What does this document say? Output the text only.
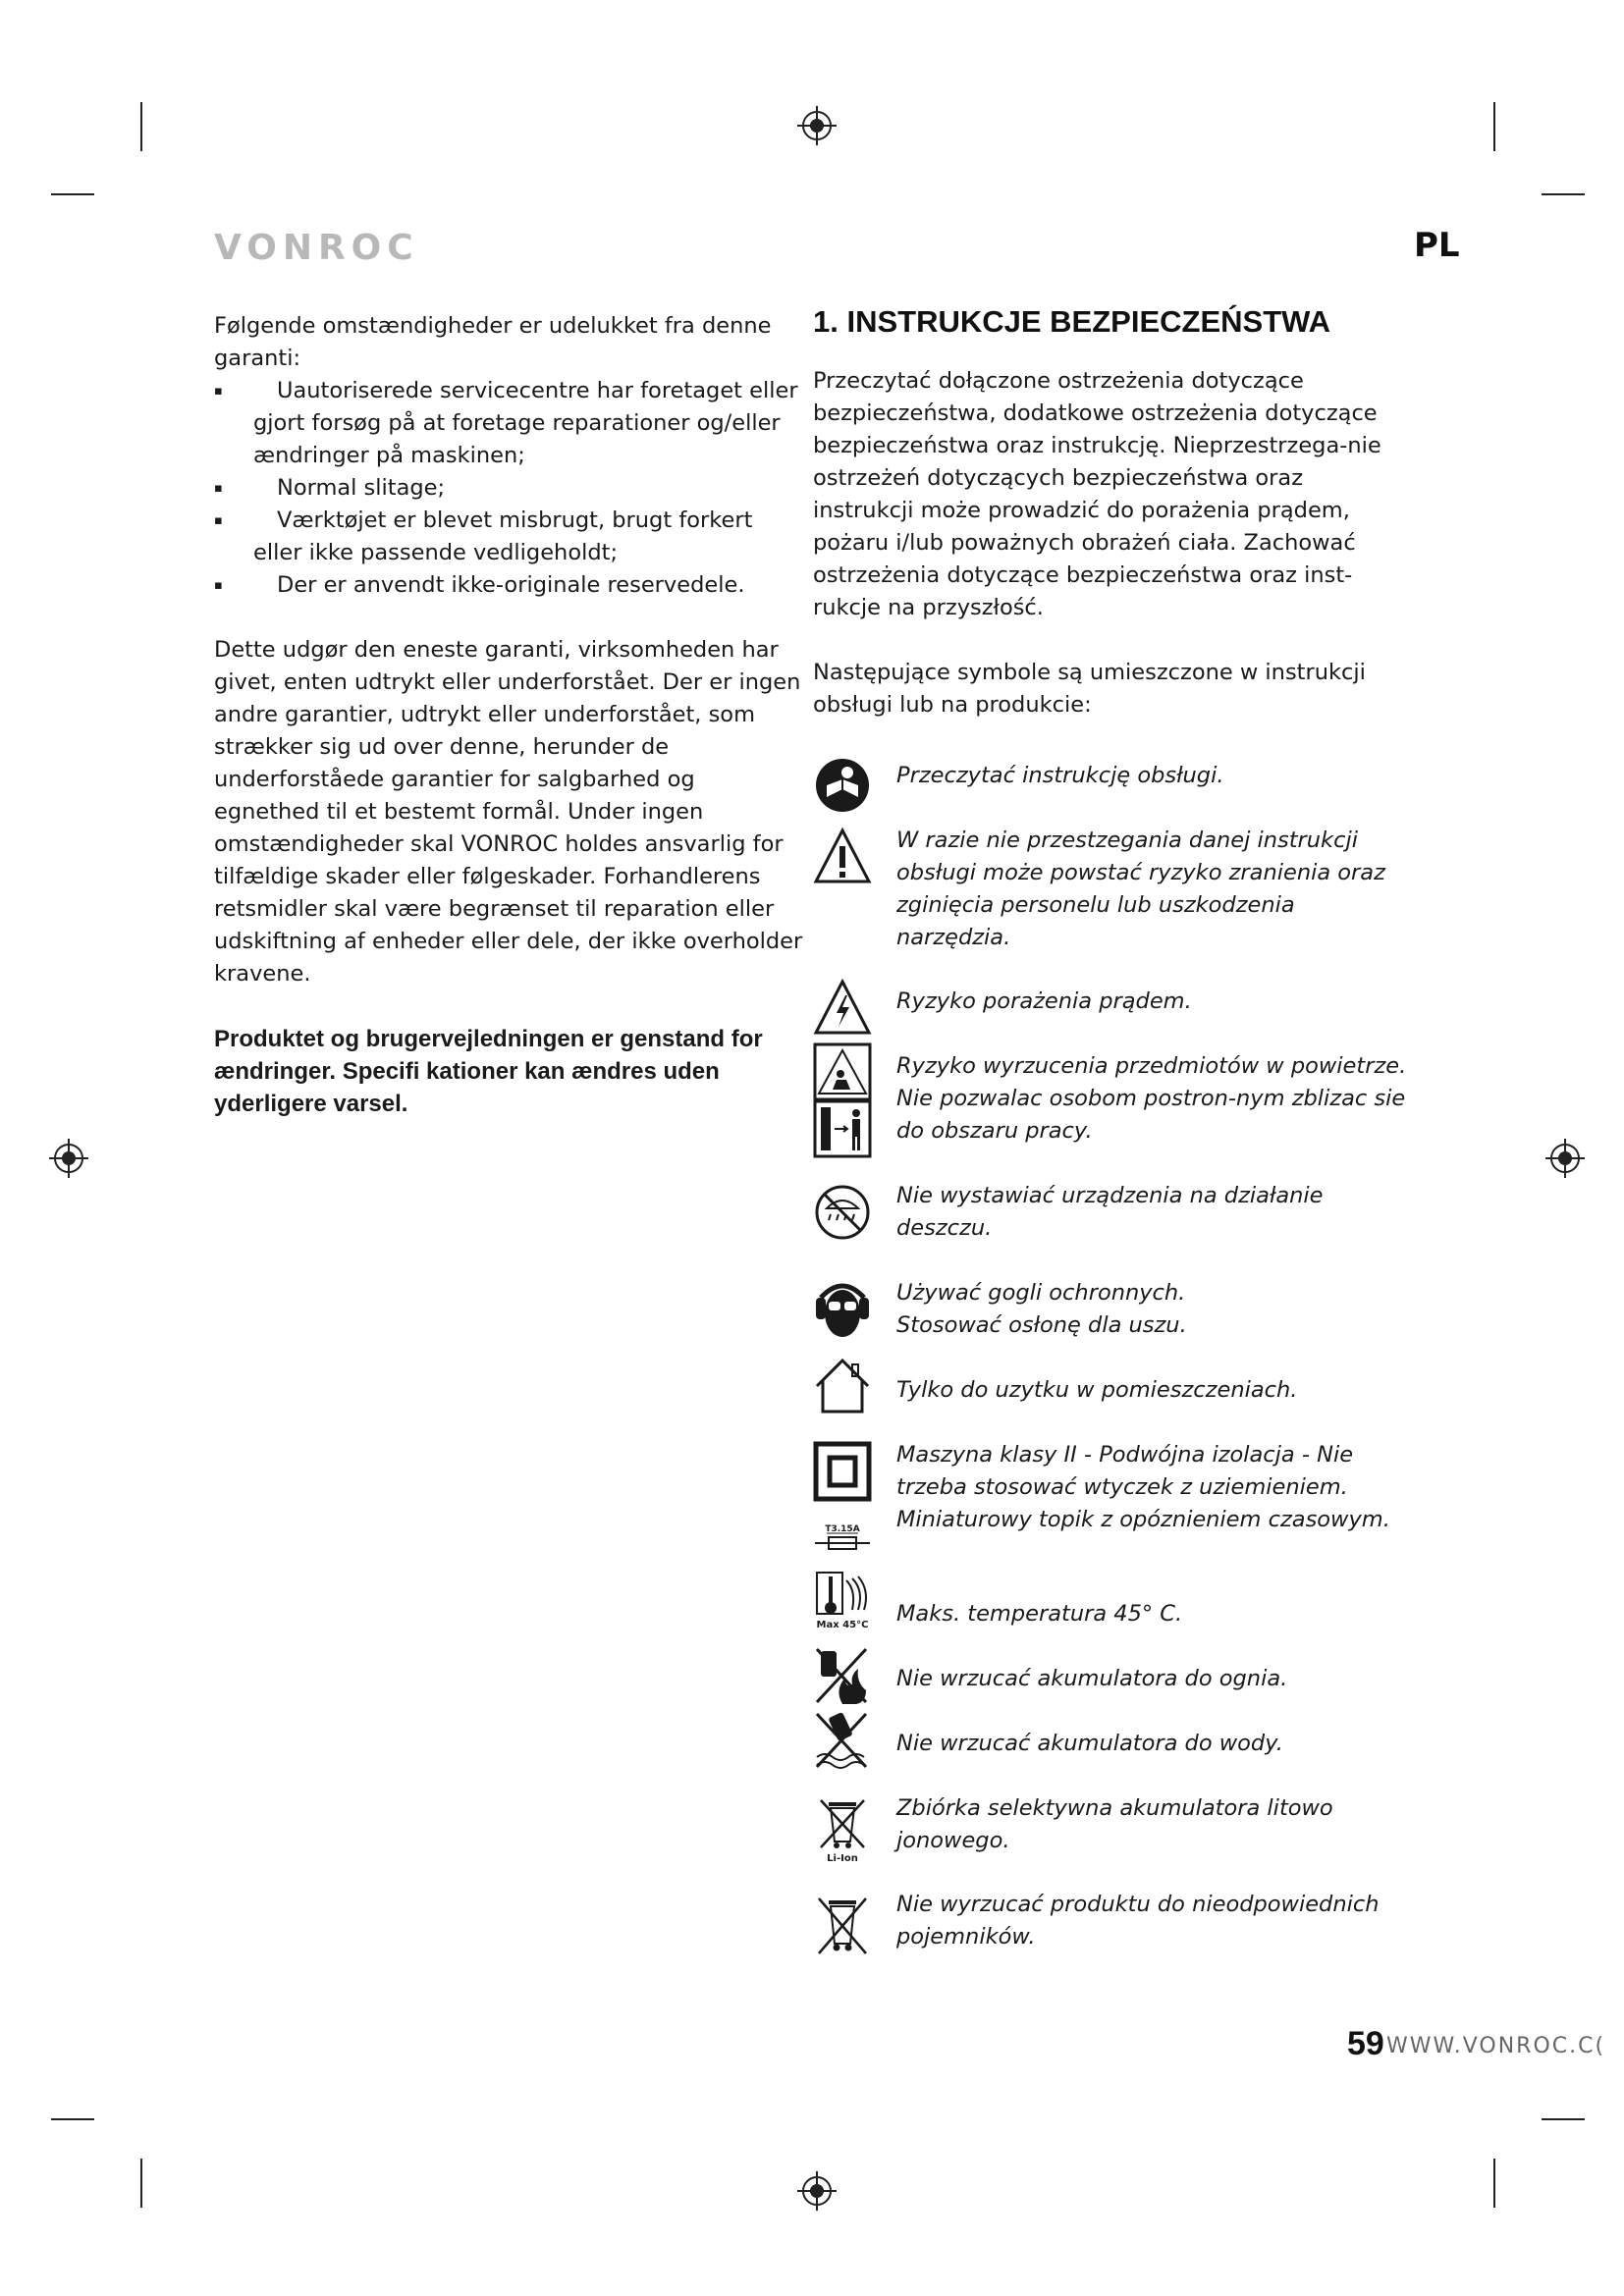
VONROC	PL

Følgende omstændigheder er udelukket fra denne garanti:

▪ Uautoriserede servicecentre har foretaget eller gjort forsøg på at foretage reparationer og/eller ændringer på maskinen;
▪ Normal slitage;
▪ Værktøjet er blevet misbrugt, brugt forkert eller ikke passende vedligeholdt;
▪ Der er anvendt ikke-originale reservedele.

Dette udgør den eneste garanti, virksomheden har givet, enten udtrykt eller underforstået. Der er ingen andre garantier, udtrykt eller underforstået, som strækker sig ud over denne, herunder de underforståede garantier for salgbarhed og egnethed til et bestemt formål. Under ingen omstændigheder skal VONROC holdes ansvarlig for tilfældige skader eller følgeskader. Forhandlerens retsmidler skal være begrænset til reparation eller udskiftning af enheder eller dele, der ikke overholder kravene.

Produktet og brugervejledningen er genstand for ændringer. Specifi kationer kan ændres uden yderligere varsel.

1. INSTRUKCJE BEZPIECZEŃSTWA

Przeczytać dołączone ostrzeżenia dotyczące bezpieczeństwa, dodatkowe ostrzeżenia dotyczące bezpieczeństwa oraz instrukcję. Nieprzestrzega-nie ostrzeżeń dotyczących bezpieczeństwa oraz instrukcji może prowadzić do porażenia prądem, pożaru i/lub poważnych obrażeń ciała. Zachować ostrzeżenia dotyczące bezpieczeństwa oraz inst-rukcje na przyszłość.

Następujące symbole są umieszczone w instrukcji obsługi lub na produkcie:

Przeczytać instrukcję obsługi.
W razie nie przestzegania danej instrukcji obsługi może powstać ryzyko zranienia oraz zginięcia personelu lub uszkodzenia narzędzia.
Ryzyko porażenia prądem.
Ryzyko wyrzucenia przedmiotów w powietrze. Nie pozwalac osobom postron-nym zblizac sie do obszaru pracy.
Nie wystawiać urządzenia na działanie deszczu.
Używać gogli ochronnych.
Stosować osłonę dla uszu.
Tylko do uzytku w pomieszczeniach.
Maszyna klasy II - Podwójna izolacja - Nie trzeba stosować wtyczek z uziemieniem.
T3.15A Miniaturowy topik z opóznieniem czasowym.
Max 45°C Maks. temperatura 45° C.
Nie wrzucać akumulatora do ognia.
Nie wrzucać akumulatora do wody.
Li-Ion
Zbiórka selektywna akumulatora litowo jonowego.
Nie wyrzucać produktu do nieodpowiednich pojemników.
59 WWW.VONROC.C(
